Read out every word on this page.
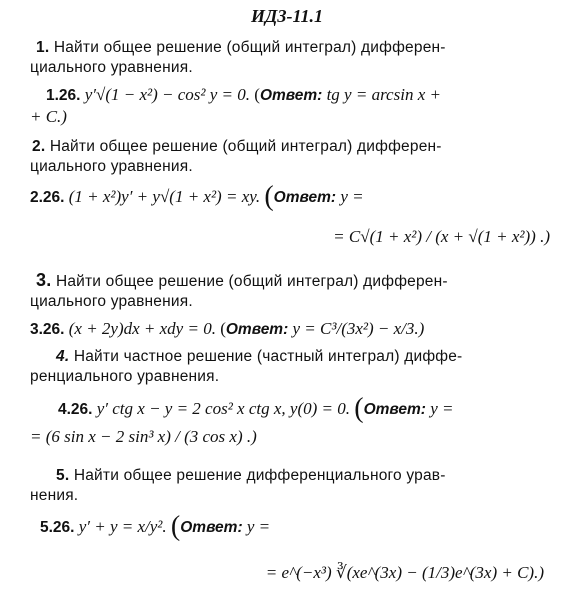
ИДЗ-11.1
1. Найти общее решение (общий интеграл) дифферен-
циального уравнения.
1.26. y′√(1 − x²) − cos² y = 0. (Ответ: tg y = arcsin x +
+ C.)
2. Найти общее решение (общий интеграл) дифферен-
циального уравнения.
2.26. (1 + x²)y′ + y√(1 + x²) = xy. (Ответ: y =
= C√(1 + x²) / (x + √(1 + x²)) .)
3. Найти общее решение (общий интеграл) дифферен-
циального уравнения.
3.26. (x + 2y)dx + xdy = 0. (Ответ: y = C³/(3x²) − x/3.)
4. Найти частное решение (частный интеграл) диффе-
ренциального уравнения.
4.26. y′ ctg x − y = 2 cos² x ctg x, y(0) = 0. (Ответ: y =
= (6 sin x − 2 sin³ x) / (3 cos x) .)
5. Найти общее решение дифференциального урав-
нения.
5.26. y′ + y = x/y². (Ответ: y =
= e^(−x³) ∛(xe^(3x) − (1/3)e^(3x) + C).)
